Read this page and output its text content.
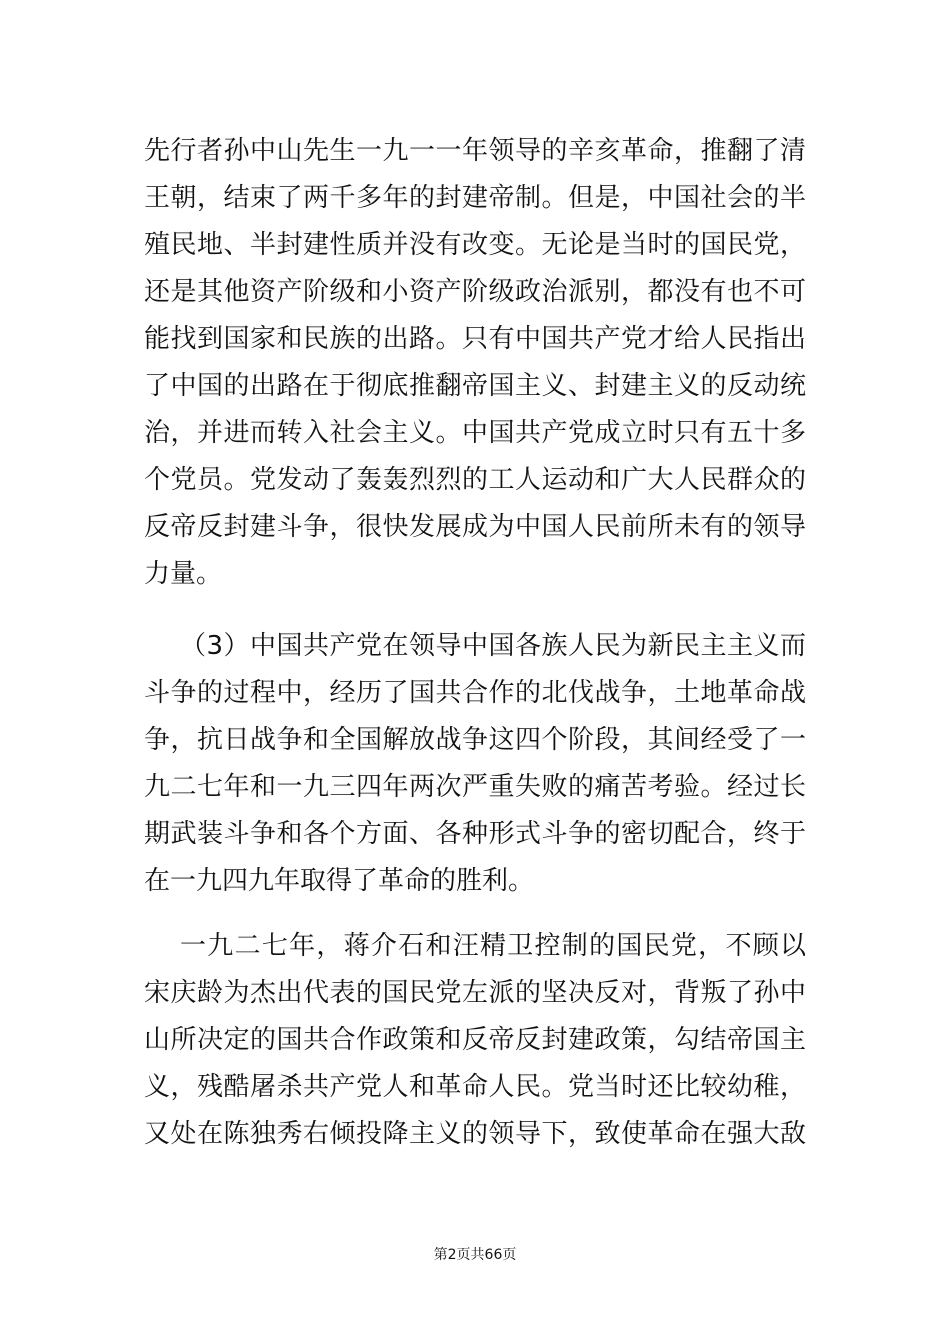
先行者孙中山先生一九一一年领导的辛亥革命，推翻了清
王朝，结束了两千多年的封建帝制。但是，中国社会的半
殖民地、半封建性质并没有改变。无论是当时的国民党，
还是其他资产阶级和小资产阶级政治派别，都没有也不可
能找到国家和民族的出路。只有中国共产党才给人民指出
了中国的出路在于彻底推翻帝国主义、封建主义的反动统
治，并进而转入社会主义。中国共产党成立时只有五十多
个党员。党发动了轰轰烈烈的工人运动和广大人民群众的
反帝反封建斗争，很快发展成为中国人民前所未有的领导
力量。
（3）中国共产党在领导中国各族人民为新民主主义而
斗争的过程中，经历了国共合作的北伐战争，土地革命战
争，抗日战争和全国解放战争这四个阶段，其间经受了一
九二七年和一九三四年两次严重失败的痛苦考验。经过长
期武装斗争和各个方面、各种形式斗争的密切配合，终于
在一九四九年取得了革命的胜利。
一九二七年，蒋介石和汪精卫控制的国民党，不顾以
宋庆龄为杰出代表的国民党左派的坚决反对，背叛了孙中
山所决定的国共合作政策和反帝反封建政策，勾结帝国主
义，残酷屠杀共产党人和革命人民。党当时还比较幼稚，
又处在陈独秀右倾投降主义的领导下，致使革命在强大敌
第2页共66页
